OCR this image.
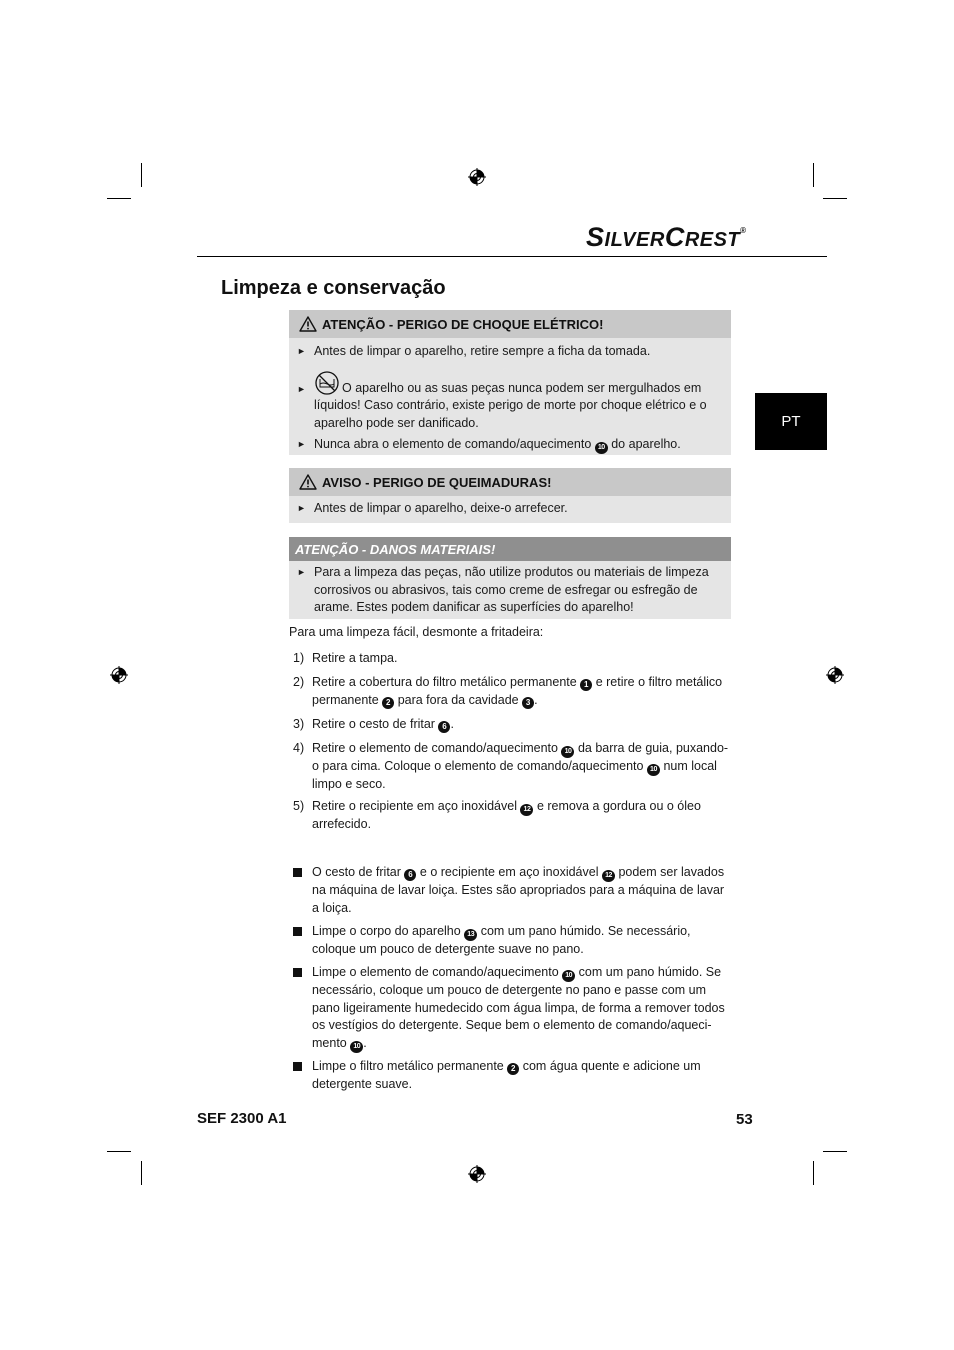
SILVERCREST®
Limpeza e conservação
PT
ATENÇÃO - PERIGO DE CHOQUE ELÉTRICO!
► Antes de limpar o aparelho, retire sempre a ficha da tomada.
►	O aparelho ou as suas peças nunca podem ser mergulhados em líquidos! Caso contrário, existe perigo de morte por choque elétrico e o aparelho pode ser danificado.
► Nunca abra o elemento de comando/aquecimento 10 do aparelho.
AVISO - PERIGO DE QUEIMADURAS!
► Antes de limpar o aparelho, deixe-o arrefecer.
ATENÇÃO - DANOS MATERIAIS!
► Para a limpeza das peças, não utilize produtos ou materiais de limpeza corrosivos ou abrasivos, tais como creme de esfregar ou esfregão de arame. Estes podem danificar as superfícies do aparelho!
Para uma limpeza fácil, desmonte a fritadeira:
1) Retire a tampa.
2) Retire a cobertura do filtro metálico permanente 1 e retire o filtro metálico permanente 2 para fora da cavidade 3 .
3) Retire o cesto de fritar 6 .
4) Retire o elemento de comando/aquecimento 10 da barra de guia, puxando-o para cima. Coloque o elemento de comando/aquecimento 10 num local limpo e seco.
5) Retire o recipiente em aço inoxidável 12 e remova a gordura ou o óleo arrefecido.
O cesto de fritar 6 e o recipiente em aço inoxidável 12 podem ser lavados na máquina de lavar loiça. Estes são apropriados para a máquina de lavar a loiça.
Limpe o corpo do aparelho 13 com um pano húmido. Se necessário, coloque um pouco de detergente suave no pano.
Limpe o elemento de comando/aquecimento 10 com um pano húmido. Se necessário, coloque um pouco de detergente no pano e passe com um pano ligeiramente humedecido com água limpa, de forma a remover todos os vestígios do detergente. Seque bem o elemento de comando/aqueci-mento 10 .
Limpe o filtro metálico permanente 2 com água quente e adicione um detergente suave.
SEF 2300 A1	53
